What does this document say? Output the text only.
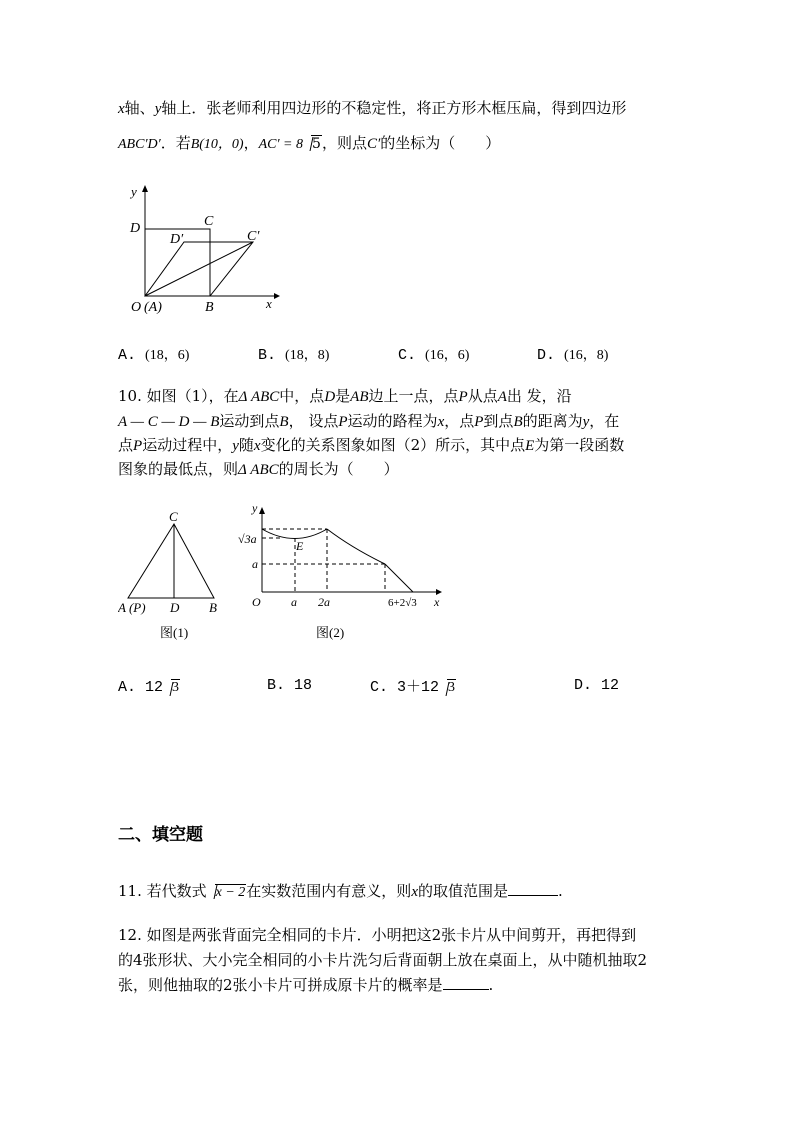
x轴、y轴上．张老师利用四边形的不稳定性，将正方形木框压扁，得到四边形
ABC′D′．若B(10，0)，AC′ = 8 5，则点C′的坐标为（　　）
y
x
D	C
D′	C′
O (A)	B
A. (18，6)	B. (18，8)	C. (16，6)	D. (16，8)
10. 如图（1），在Δ ABC中，点D是AB边上一点，点P从点A出 发，沿
A — C — D — B运动到点B， 设点P运动的路程为x，点P到点B的距离为y，在
点P运动过程中，y随x变化的关系图象如图（2）所示，其中点E为第一段函数
图象的最低点，则Δ ABC的周长为（　　）
C
A (P) D B
图(1)
y
√3a	E
a
O	a 2a	6+2√3 x
图(2)
A. 12 3	B. 18	C. 3＋12 3	D. 12
二、填空题
11. 若代数式 x − 2在实数范围内有意义，则x的取值范围是	.
12. 如图是两张背面完全相同的卡片．小明把这2张卡片从中间剪开，再把得到
的4张形状、大小完全相同的小卡片洗匀后背面朝上放在桌面上，从中随机抽取2
张，则他抽取的2张小卡片可拼成原卡片的概率是	.
